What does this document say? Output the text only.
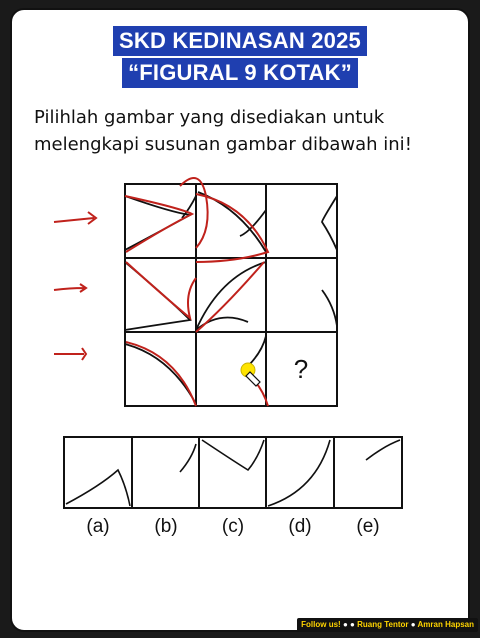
SKD KEDINASAN 2025
“FIGURAL 9 KOTAK”
Pilihlah gambar yang disediakan untuk melengkapi susunan gambar dibawah ini!
?
(a) (b) (c) (d) (e)
Follow us! ● ● Ruang Tentor ● Amran Hapsan
